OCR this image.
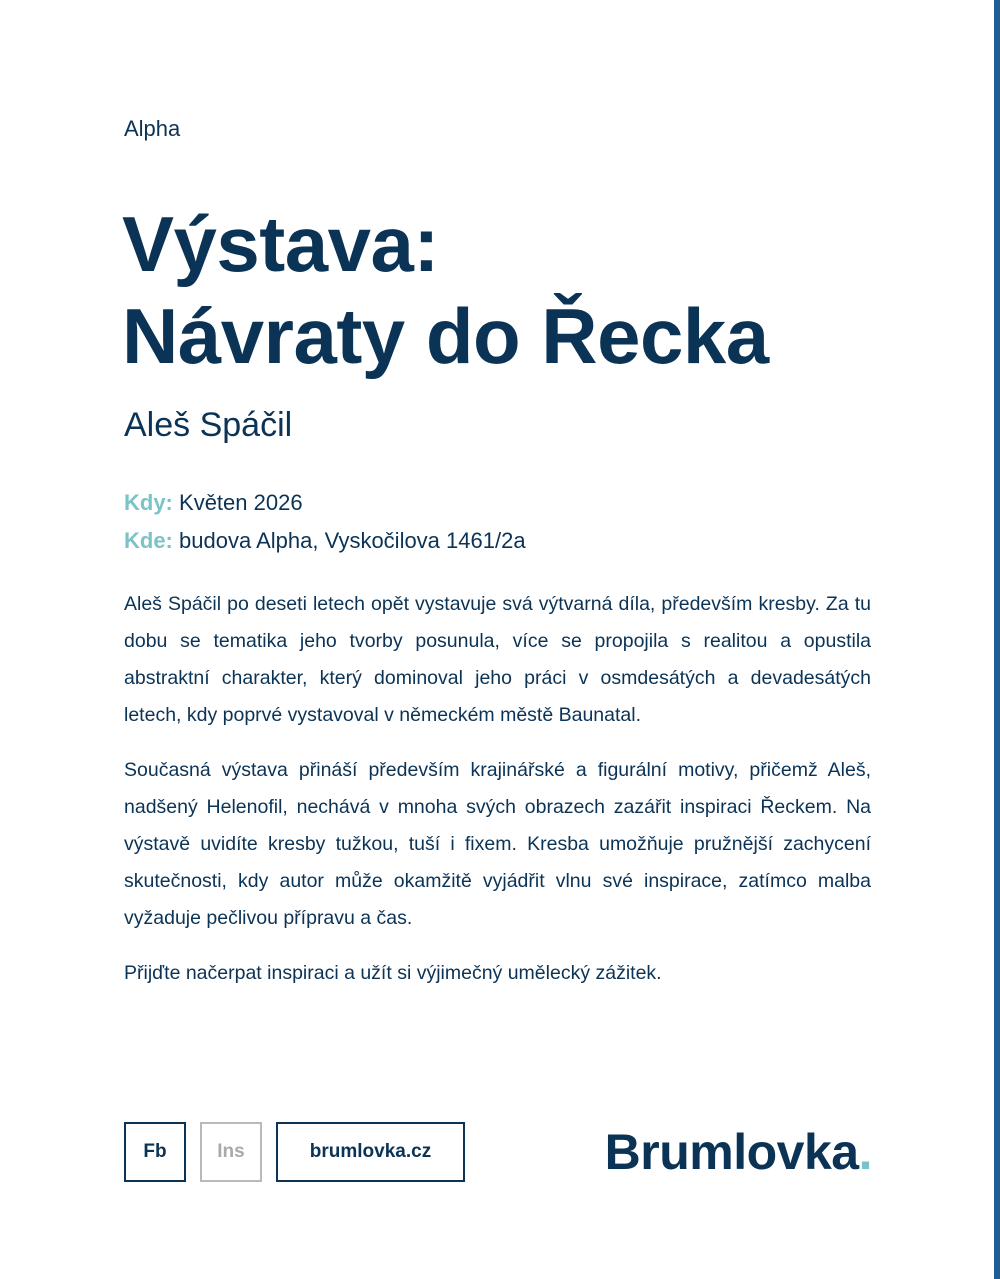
Alpha
Výstava:
Návraty do Řecka
Aleš Spáčil
Kdy: Květen 2026
Kde: budova Alpha, Vyskočilova 1461/2a

Aleš Spáčil po deseti letech opět vystavuje svá výtvarná díla, především kresby. Za tu dobu se tematika jeho tvorby posunula, více se propojila s realitou a opustila abstraktní charakter, který dominoval jeho práci v osmdesátých a devadesátých letech, kdy poprvé vystavoval v německém městě Baunatal.

Současná výstava přináší především krajinářské a figurální motivy, přičemž Aleš, nadšený Helenofil, nechává v mnoha svých obrazech zazářit inspiraci Řeckem. Na výstavě uvidíte kresby tužkou, tuší i fixem. Kresba umožňuje pružnější zachycení skutečnosti, kdy autor může okamžitě vyjádřit vlnu své inspirace, zatímco malba vyžaduje pečlivou přípravu a čas.

Přijďte načerpat inspiraci a užít si výjimečný umělecký zážitek.

Fb	Ins	brumlovka.cz	Brumlovka .
